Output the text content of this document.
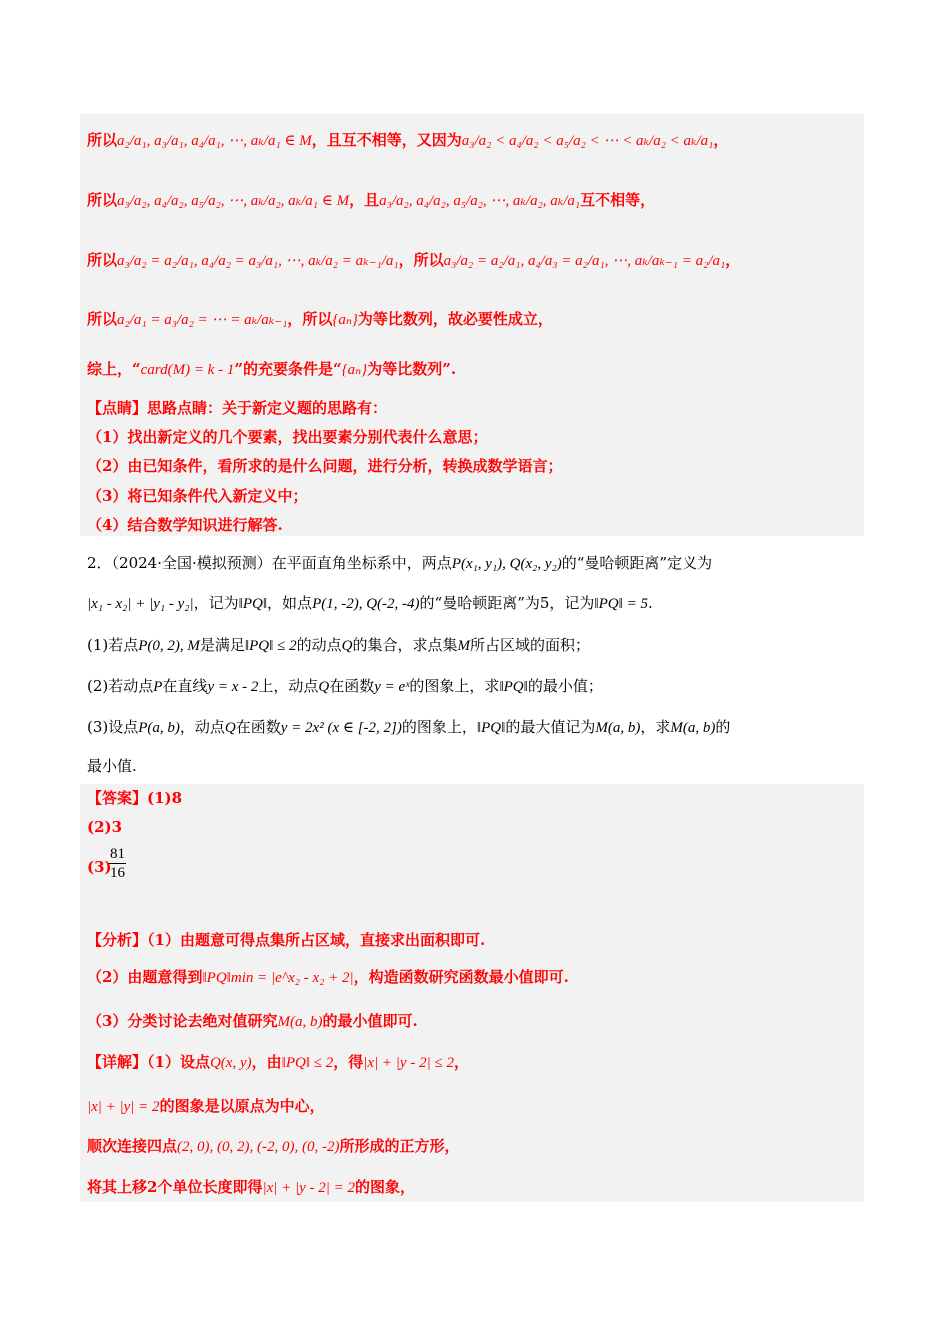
所以a₂/a₁, a₃/a₁, a₄/a₁, ⋯, aₖ/a₁ ∈ M，且互不相等，又因为a₃/a₂ < a₄/a₂ < a₅/a₂ < ⋯ < aₖ/a₂ < aₖ/a₁，
所以a₃/a₂, a₄/a₂, a₅/a₂, ⋯, aₖ/a₂, aₖ/a₁ ∈ M，且a₃/a₂, a₄/a₂, a₅/a₂, ⋯, aₖ/a₂, aₖ/a₁互不相等，
所以a₃/a₂ = a₂/a₁, a₄/a₂ = a₃/a₁, ⋯, aₖ/a₂ = aₖ₋₁/a₁，所以a₃/a₂ = a₂/a₁, a₄/a₃ = a₂/a₁, ⋯, aₖ/aₖ₋₁ = a₂/a₁，
所以a₂/a₁ = a₃/a₂ = ⋯ = aₖ/aₖ₋₁，所以{aₙ}为等比数列，故必要性成立，
综上，“card(M) = k - 1”的充要条件是“{aₙ}为等比数列”.
【点睛】思路点睛：关于新定义题的思路有：
（1）找出新定义的几个要素，找出要素分别代表什么意思；
（2）由已知条件，看所求的是什么问题，进行分析，转换成数学语言；
（3）将已知条件代入新定义中；
（4）结合数学知识进行解答.
2．（2024·全国·模拟预测）在平面直角坐标系中，两点P(x₁, y₁), Q(x₂, y₂)的“曼哈顿距离”定义为
|x₁ - x₂| + |y₁ - y₂|，记为‖PQ‖，如点P(1, -2), Q(-2, -4)的“曼哈顿距离”为5，记为‖PQ‖ = 5.
(1)若点P(0, 2), M是满足‖PQ‖ ≤ 2的动点Q的集合，求点集M所占区域的面积；
(2)若动点P在直线y = x - 2上，动点Q在函数y = eˣ的图象上，求‖PQ‖的最小值；
(3)设点P(a, b)，动点Q在函数y = 2x² (x ∈ [-2, 2])的图象上，‖PQ‖的最大值记为M(a, b)，求M(a, b)的
最小值.
【答案】(1)8
(2)3
(3)
$\frac{81}{16}$
【分析】（1）由题意可得点集所占区域，直接求出面积即可.
（2）由题意得到‖PQ‖min = |e^x₂ - x₂ + 2|，构造函数研究函数最小值即可.
（3）分类讨论去绝对值研究M(a, b)的最小值即可.
【详解】（1）设点Q(x, y)，由‖PQ‖ ≤ 2，得|x| + |y - 2| ≤ 2，
|x| + |y| = 2的图象是以原点为中心，
顺次连接四点(2, 0), (0, 2), (-2, 0), (0, -2)所形成的正方形，
将其上移2个单位长度即得|x| + |y - 2| = 2的图象，
